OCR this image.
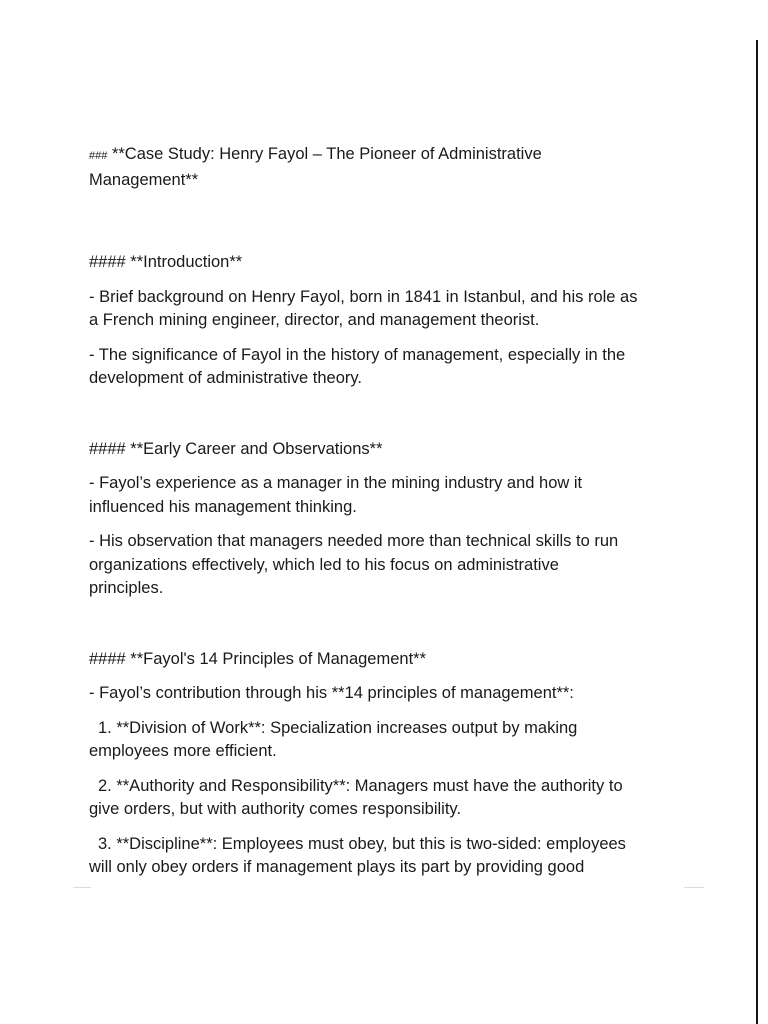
### **Case Study: Henry Fayol – The Pioneer of Administrative

Management**

#### **Introduction**

- Brief background on Henry Fayol, born in 1841 in Istanbul, and his role as

a French mining engineer, director, and management theorist.

- The significance of Fayol in the history of management, especially in the

development of administrative theory.

#### **Early Career and Observations**

- Fayol’s experience as a manager in the mining industry and how it

influenced his management thinking.

- His observation that managers needed more than technical skills to run

organizations effectively, which led to his focus on administrative

principles.

#### **Fayol's 14 Principles of Management**

- Fayol’s contribution through his **14 principles of management**:

1. **Division of Work**: Specialization increases output by making

employees more efficient.

2. **Authority and Responsibility**: Managers must have the authority to

give orders, but with authority comes responsibility.

3. **Discipline**: Employees must obey, but this is two-sided: employees

will only obey orders if management plays its part by providing good
